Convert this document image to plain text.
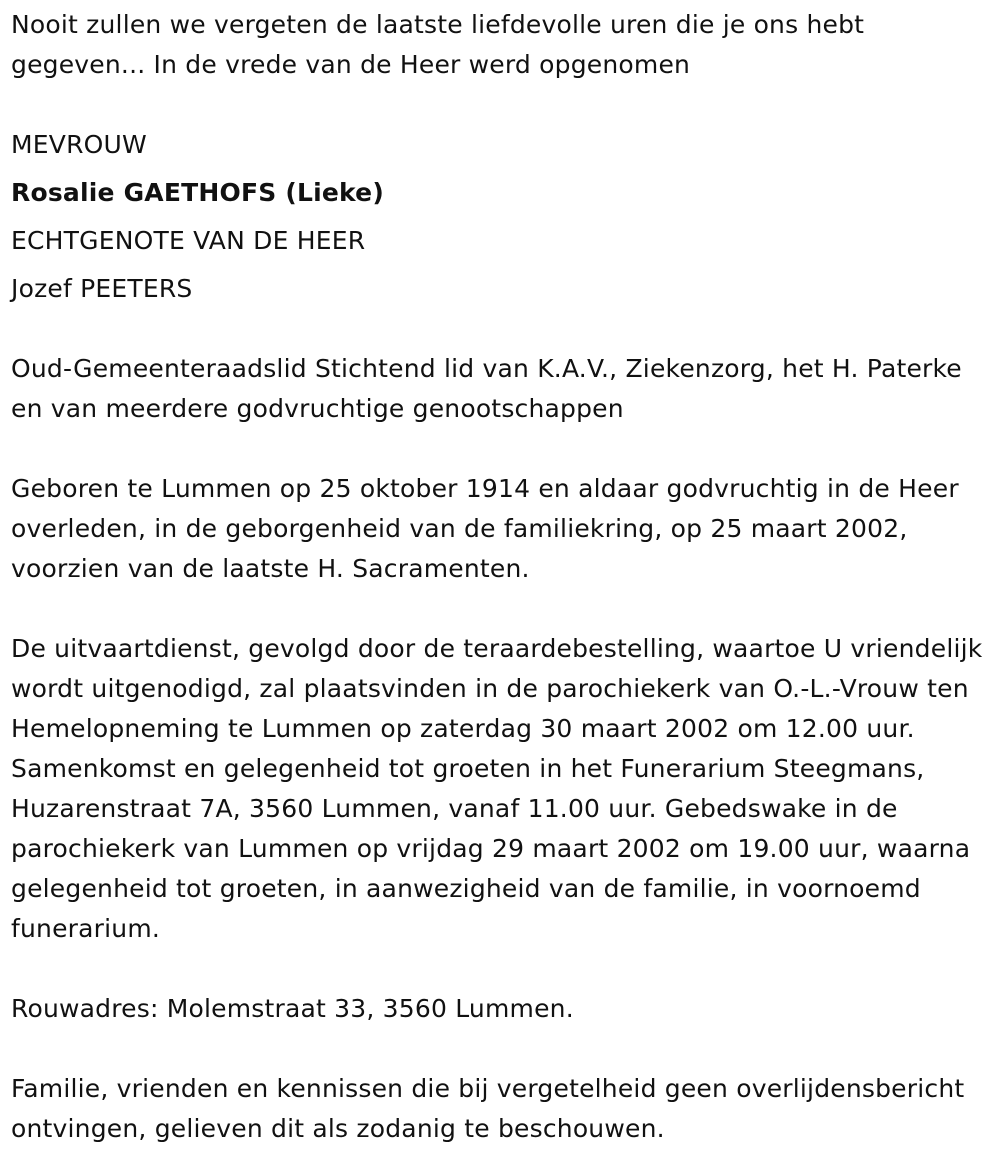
Nooit zullen we vergeten de laatste liefdevolle uren die je ons hebt gegeven... In de vrede van de Heer werd opgenomen

MEVROUW

Rosalie GAETHOFS (Lieke)

ECHTGENOTE VAN DE HEER

Jozef PEETERS

Oud-Gemeenteraadslid Stichtend lid van K.A.V., Ziekenzorg, het H. Paterke en van meerdere godvruchtige genootschappen

Geboren te Lummen op 25 oktober 1914 en aldaar godvruchtig in de Heer overleden, in de geborgenheid van de familiekring, op 25 maart 2002, voorzien van de laatste H. Sacramenten.

De uitvaartdienst, gevolgd door de teraardebestelling, waartoe U vriendelijk wordt uitgenodigd, zal plaatsvinden in de parochiekerk van O.-L.-Vrouw ten Hemelopneming te Lummen op zaterdag 30 maart 2002 om 12.00 uur. Samenkomst en gelegenheid tot groeten in het Funerarium Steegmans, Huzarenstraat 7A, 3560 Lummen, vanaf 11.00 uur. Gebedswake in de parochiekerk van Lummen op vrijdag 29 maart 2002 om 19.00 uur, waarna gelegenheid tot groeten, in aanwezigheid van de familie, in voornoemd funerarium.

Rouwadres: Molemstraat 33, 3560 Lummen.

Familie, vrienden en kennissen die bij vergetelheid geen overlijdensbericht ontvingen, gelieven dit als zodanig te beschouwen.
